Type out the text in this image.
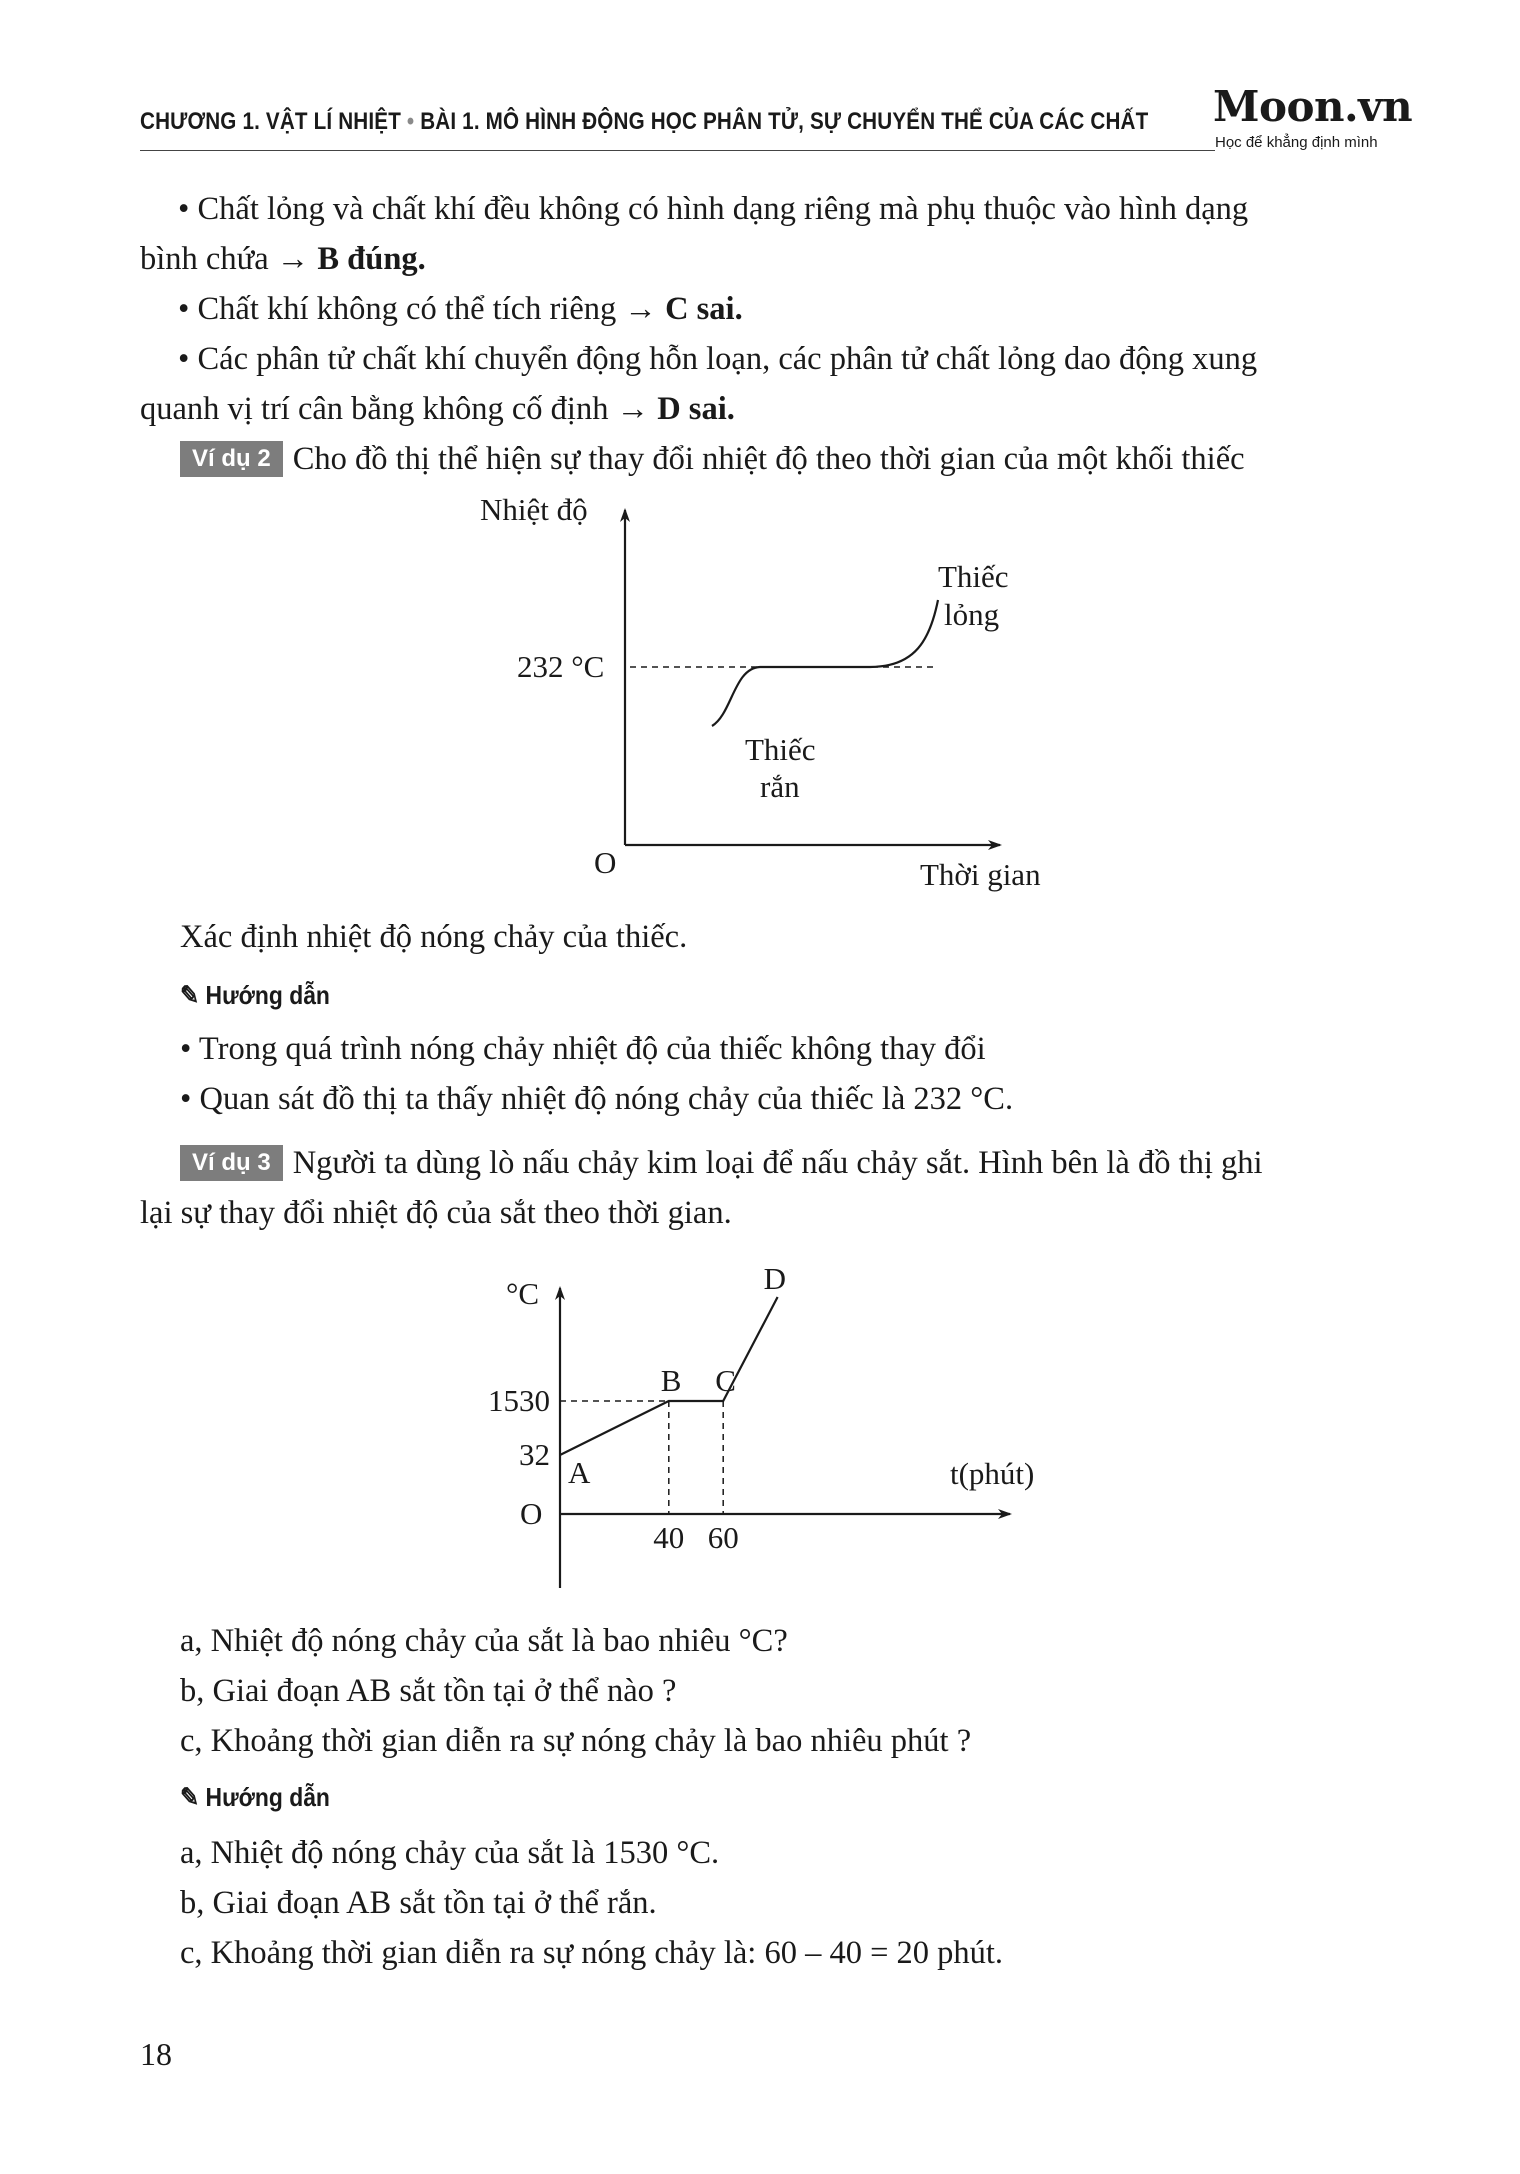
CHƯƠNG 1. VẬT LÍ NHIỆT • BÀI 1. MÔ HÌNH ĐỘNG HỌC PHÂN TỬ, SỰ CHUYỂN THỂ CỦA CÁC CHẤT Moon.vn
Học để khẳng định mình
• Chất lỏng và chất khí đều không có hình dạng riêng mà phụ thuộc vào hình dạng
bình chứa → B đúng.
• Chất khí không có thể tích riêng → C sai.
• Các phân tử chất khí chuyển động hỗn loạn, các phân tử chất lỏng dao động xung
quanh vị trí cân bằng không cố định → D sai.
Ví dụ 2 Cho đồ thị thể hiện sự thay đổi nhiệt độ theo thời gian của một khối thiếc
Nhiệt độ
Thời gian
O
232 °C
Thiếc
rắn
Thiếc
lỏng
Xác định nhiệt độ nóng chảy của thiếc.
✎ Hướng dẫn
• Trong quá trình nóng chảy nhiệt độ của thiếc không thay đổi
• Quan sát đồ thị ta thấy nhiệt độ nóng chảy của thiếc là 232 °C.
Ví dụ 3 Người ta dùng lò nấu chảy kim loại để nấu chảy sắt. Hình bên là đồ thị ghi
lại sự thay đổi nhiệt độ của sắt theo thời gian.
°C
t(phút)
O
1530
32
40 60
A
B C
D
a, Nhiệt độ nóng chảy của sắt là bao nhiêu °C?
b, Giai đoạn AB sắt tồn tại ở thể nào ?
c, Khoảng thời gian diễn ra sự nóng chảy là bao nhiêu phút ?
✎ Hướng dẫn
a, Nhiệt độ nóng chảy của sắt là 1530 °C.
b, Giai đoạn AB sắt tồn tại ở thể rắn.
c, Khoảng thời gian diễn ra sự nóng chảy là: 60 – 40 = 20 phút.
18
